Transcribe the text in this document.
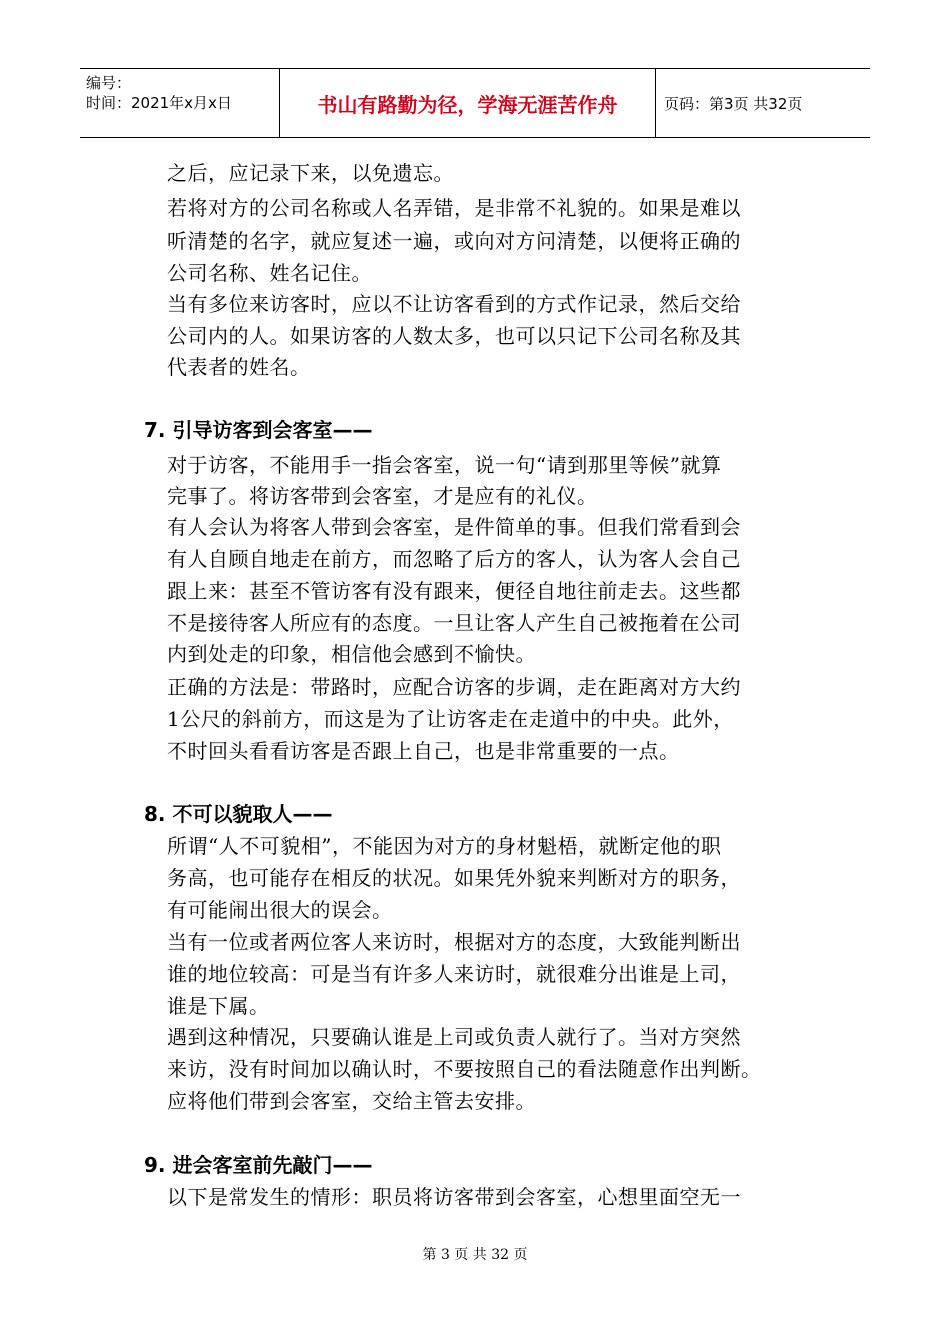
编号：
时间：2021年x月x日	书山有路勤为径，学海无涯苦作舟	页码：第3页 共32页
之后，应记录下来，以免遗忘。
若将对方的公司名称或人名弄错，是非常不礼貌的。如果是难以
听清楚的名字，就应复述一遍，或向对方问清楚，以便将正确的
公司名称、姓名记住。
当有多位来访客时，应以不让访客看到的方式作记录，然后交给
公司内的人。如果访客的人数太多，也可以只记下公司名称及其
代表者的姓名。
7. 引导访客到会客室——
对于访客，不能用手一指会客室，说一句“请到那里等候”就算
完事了。将访客带到会客室，才是应有的礼仪。
有人会认为将客人带到会客室，是件简单的事。但我们常看到会
有人自顾自地走在前方，而忽略了后方的客人，认为客人会自己
跟上来：甚至不管访客有没有跟来，便径自地往前走去。这些都
不是接待客人所应有的态度。一旦让客人产生自己被拖着在公司
内到处走的印象，相信他会感到不愉快。
正确的方法是：带路时，应配合访客的步调，走在距离对方大约
1公尺的斜前方，而这是为了让访客走在走道中的中央。此外，
不时回头看看访客是否跟上自己，也是非常重要的一点。
8. 不可以貌取人——
所谓“人不可貌相”，不能因为对方的身材魁梧，就断定他的职
务高，也可能存在相反的状况。如果凭外貌来判断对方的职务，
有可能闹出很大的误会。
当有一位或者两位客人来访时，根据对方的态度，大致能判断出
谁的地位较高：可是当有许多人来访时，就很难分出谁是上司，
谁是下属。
遇到这种情况，只要确认谁是上司或负责人就行了。当对方突然
来访，没有时间加以确认时，不要按照自己的看法随意作出判断。
应将他们带到会客室，交给主管去安排。
9. 进会客室前先敲门——
以下是常发生的情形：职员将访客带到会客室，心想里面空无一
第 3 页 共 32 页
